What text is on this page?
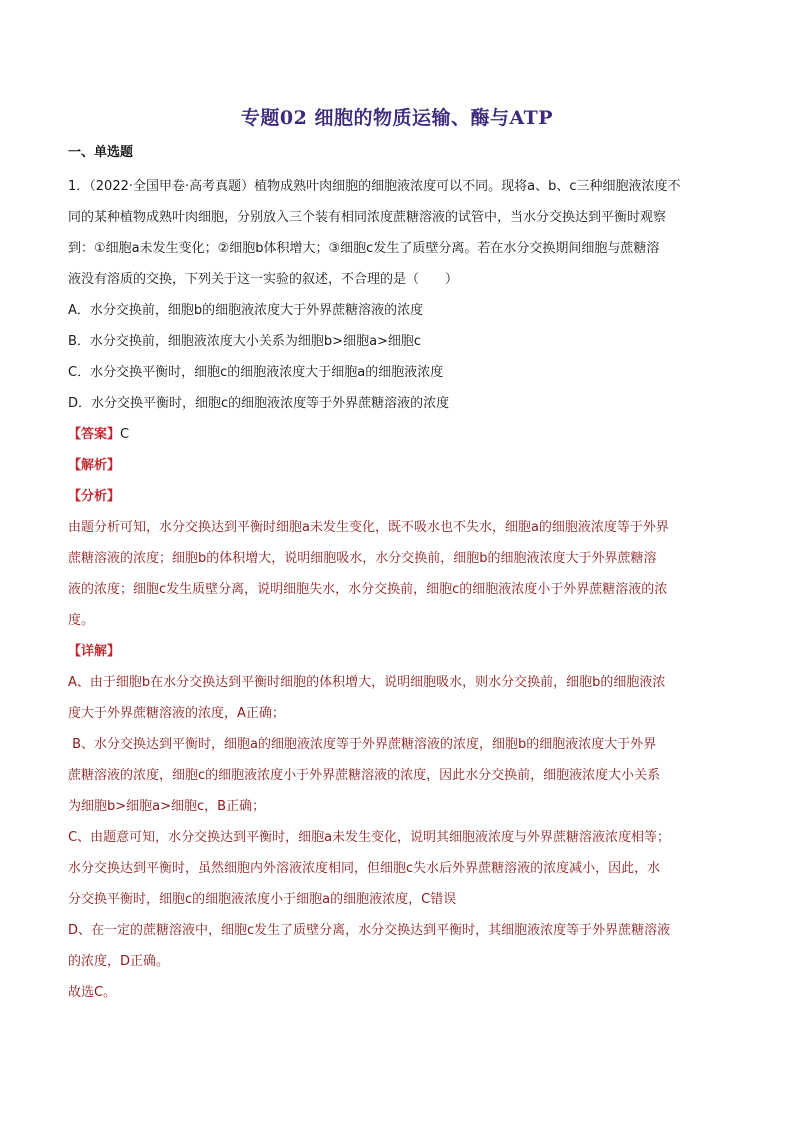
专题02 细胞的物质运输、酶与ATP
一、单选题
1．（2022·全国甲卷·高考真题）植物成熟叶肉细胞的细胞液浓度可以不同。现将a、b、c三种细胞液浓度不
同的某种植物成熟叶肉细胞，分别放入三个装有相同浓度蔗糖溶液的试管中，当水分交换达到平衡时观察
到：①细胞a未发生变化；②细胞b体积增大；③细胞c发生了质壁分离。若在水分交换期间细胞与蔗糖溶
液没有溶质的交换，下列关于这一实验的叙述，不合理的是（　　）
A．水分交换前，细胞b的细胞液浓度大于外界蔗糖溶液的浓度
B．水分交换前，细胞液浓度大小关系为细胞b>细胞a>细胞c
C．水分交换平衡时，细胞c的细胞液浓度大于细胞a的细胞液浓度
D．水分交换平衡时，细胞c的细胞液浓度等于外界蔗糖溶液的浓度
【答案】C
【解析】
【分析】
由题分析可知，水分交换达到平衡时细胞a未发生变化，既不吸水也不失水，细胞a的细胞液浓度等于外界
蔗糖溶液的浓度；细胞b的体积增大，说明细胞吸水，水分交换前，细胞b的细胞液浓度大于外界蔗糖溶
液的浓度；细胞c发生质壁分离，说明细胞失水，水分交换前，细胞c的细胞液浓度小于外界蔗糖溶液的浓
度。
【详解】
A、由于细胞b在水分交换达到平衡时细胞的体积增大，说明细胞吸水，则水分交换前，细胞b的细胞液浓
度大于外界蔗糖溶液的浓度，A正确；
B、水分交换达到平衡时，细胞a的细胞液浓度等于外界蔗糖溶液的浓度，细胞b的细胞液浓度大于外界
蔗糖溶液的浓度，细胞c的细胞液浓度小于外界蔗糖溶液的浓度，因此水分交换前，细胞液浓度大小关系
为细胞b>细胞a>细胞c，B正确；
C、由题意可知，水分交换达到平衡时，细胞a未发生变化，说明其细胞液浓度与外界蔗糖溶液浓度相等；
水分交换达到平衡时，虽然细胞内外溶液浓度相同，但细胞c失水后外界蔗糖溶液的浓度减小，因此，水
分交换平衡时，细胞c的细胞液浓度小于细胞a的细胞液浓度，C错误
D、在一定的蔗糖溶液中，细胞c发生了质壁分离，水分交换达到平衡时，其细胞液浓度等于外界蔗糖溶液
的浓度，D正确。
故选C。
